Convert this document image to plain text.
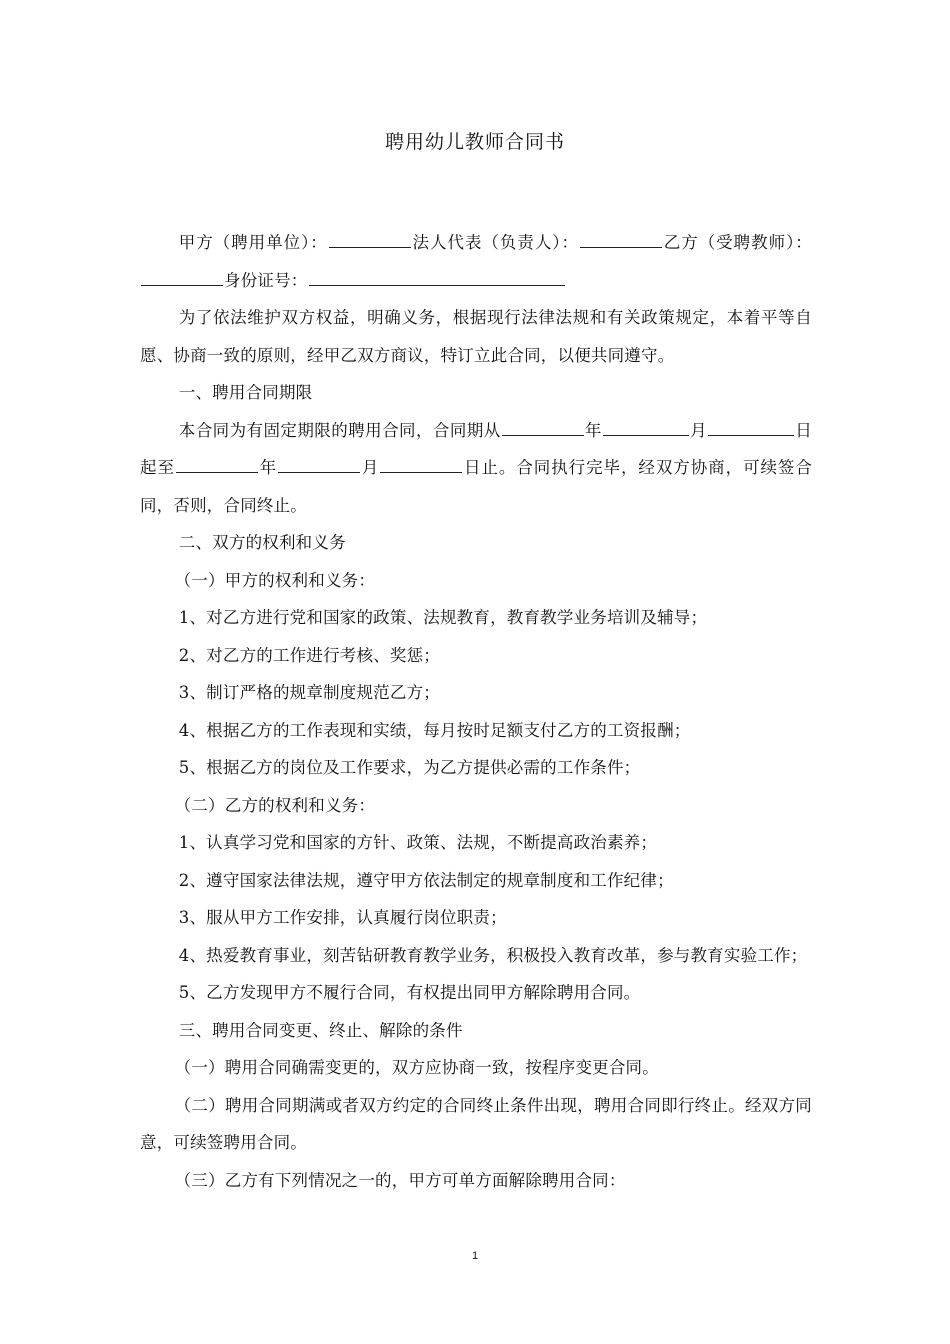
聘用幼儿教师合同书

甲方（聘用单位）：	法人代表（负责人）：	乙方（受聘教师）：身份证号：

为了依法维护双方权益，明确义务，根据现行法律法规和有关政策规定，本着平等自愿、协商一致的原则，经甲乙双方商议，特订立此合同，以便共同遵守。

一、聘用合同期限

本合同为有固定期限的聘用合同，合同期从	年	月	日起至	年	月	日止。合同执行完毕，经双方协商，可续签合同，否则，合同终止。

二、双方的权利和义务

（一）甲方的权利和义务：

1、对乙方进行党和国家的政策、法规教育，教育教学业务培训及辅导；

2、对乙方的工作进行考核、奖惩；

3、制订严格的规章制度规范乙方；

4、根据乙方的工作表现和实绩，每月按时足额支付乙方的工资报酬；

5、根据乙方的岗位及工作要求，为乙方提供必需的工作条件；

（二）乙方的权利和义务：

1、认真学习党和国家的方针、政策、法规，不断提高政治素养；

2、遵守国家法律法规，遵守甲方依法制定的规章制度和工作纪律；

3、服从甲方工作安排，认真履行岗位职责；

4、热爱教育事业，刻苦钻研教育教学业务，积极投入教育改革，参与教育实验工作；

5、乙方发现甲方不履行合同，有权提出同甲方解除聘用合同。

三、聘用合同变更、终止、解除的条件

（一）聘用合同确需变更的，双方应协商一致，按程序变更合同。

（二）聘用合同期满或者双方约定的合同终止条件出现，聘用合同即行终止。经双方同意，可续签聘用合同。

（三）乙方有下列情况之一的，甲方可单方面解除聘用合同：

1
